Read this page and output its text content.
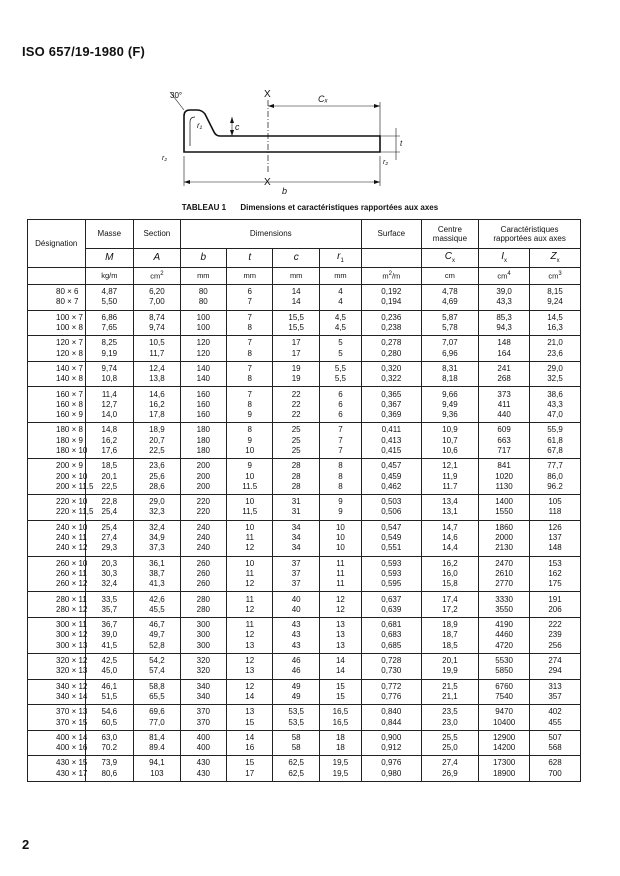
ISO 657/19-1980 (F)
30°
r₁	c
X
X
Cₓ
t
r₂
r₂
b
TABLEAU 1 Dimensions et caractéristiques rapportées aux axes
Désignation	Masse	Section	Dimensions				Surface	Centre massique	Caractéristiques rapportées aux axes	
	M	A	b	t	c	$r_1$		$C_x$	$I_x$	$Z_x$
	kg/m	$cm^2$	mm	mm	mm	mm	$m^2/m$	cm	$cm^4$	$cm^3$
80 × 6	4,87	6,20	80	6	14	4	0,192	4,78	39,0	8,15
80 × 7	5,50	7,00	80	7	14	4	0,194	4,69	43,3	9,24
100 × 7	6,86	8,74	100	7	15,5	4,5	0,236	5,87	85,3	14,5
100 × 8	7,65	9,74	100	8	15,5	4,5	0,238	5,78	94,3	16,3
120 × 7	8,25	10,5	120	7	17	5	0,278	7,07	148	21,0
120 × 8	9,19	11,7	120	8	17	5	0,280	6,96	164	23,6
140 × 7	9,74	12,4	140	7	19	5,5	0,320	8,31	241	29,0
140 × 8	10,8	13,8	140	8	19	5,5	0,322	8,18	268	32,5
160 × 7	11,4	14,6	160	7	22	6	0,365	9,66	373	38,6
160 × 8	12,7	16,2	160	8	22	6	0,367	9,49	411	43,3
160 × 9	14,0	17,8	160	9	22	6	0,369	9,36	440	47,0
180 × 8	14,8	18,9	180	8	25	7	0,411	10,9	609	55,9
180 × 9	16,2	20,7	180	9	25	7	0,413	10,7	663	61,8
180 × 10	17,6	22,5	180	10	25	7	0,415	10,6	717	67,8
200 × 9	18,5	23,6	200	9	28	8	0,457	12,1	841	77,7
200 × 10	20,1	25,6	200	10	28	8	0,459	11,9	1020	86,0
200 × 11.5	22,5	28,6	200	11.5	28	8	0,462	11.7	1130	96.2
220 × 10	22,8	29,0	220	10	31	9	0,503	13,4	1400	105
220 × 11,5	25,4	32,3	220	11,5	31	9	0,506	13,1	1550	118
240 × 10	25,4	32,4	240	10	34	10	0,547	14,7	1860	126
240 × 11	27,4	34,9	240	11	34	10	0,549	14,6	2000	137
240 × 12	29,3	37,3	240	12	34	10	0,551	14,4	2130	148
260 × 10	20,3	36,1	260	10	37	11	0,593	16,2	2470	153
260 × 11	30,3	38,7	260	11	37	11	0,593	16,0	2610	162
260 × 12	32,4	41,3	260	12	37	11	0,595	15,8	2770	175
280 × 11	33,5	42,6	280	11	40	12	0,637	17,4	3330	191
280 × 12	35,7	45,5	280	12	40	12	0,639	17,2	3550	206
300 × 11	36,7	46,7	300	11	43	13	0,681	18,9	4190	222
300 × 12	39,0	49,7	300	12	43	13	0,683	18,7	4460	239
300 × 13	41,5	52,8	300	13	43	13	0,685	18,5	4720	256
320 × 12	42,5	54,2	320	12	46	14	0,728	20,1	5530	274
320 × 13	45,0	57,4	320	13	46	14	0,730	19,9	5850	294
340 × 12	46,1	58,8	340	12	49	15	0,772	21,5	6760	313
340 × 14	51,5	65,5	340	14	49	15	0,776	21,1	7540	357
370 × 13	54,6	69,6	370	13	53,5	16,5	0,840	23,5	9470	402
370 × 15	60,5	77,0	370	15	53,5	16,5	0,844	23,0	10400	455
400 × 14	63,0	81,4	400	14	58	18	0,900	25,5	12900	507
400 × 16	70.2	89.4	400	16	58	18	0,912	25,0	14200	568
430 × 15	73,9	94,1	430	15	62,5	19,5	0,976	27,4	17300	628
430 × 17	80,6	103	430	17	62,5	19,5	0,980	26,9	18900	700
2
